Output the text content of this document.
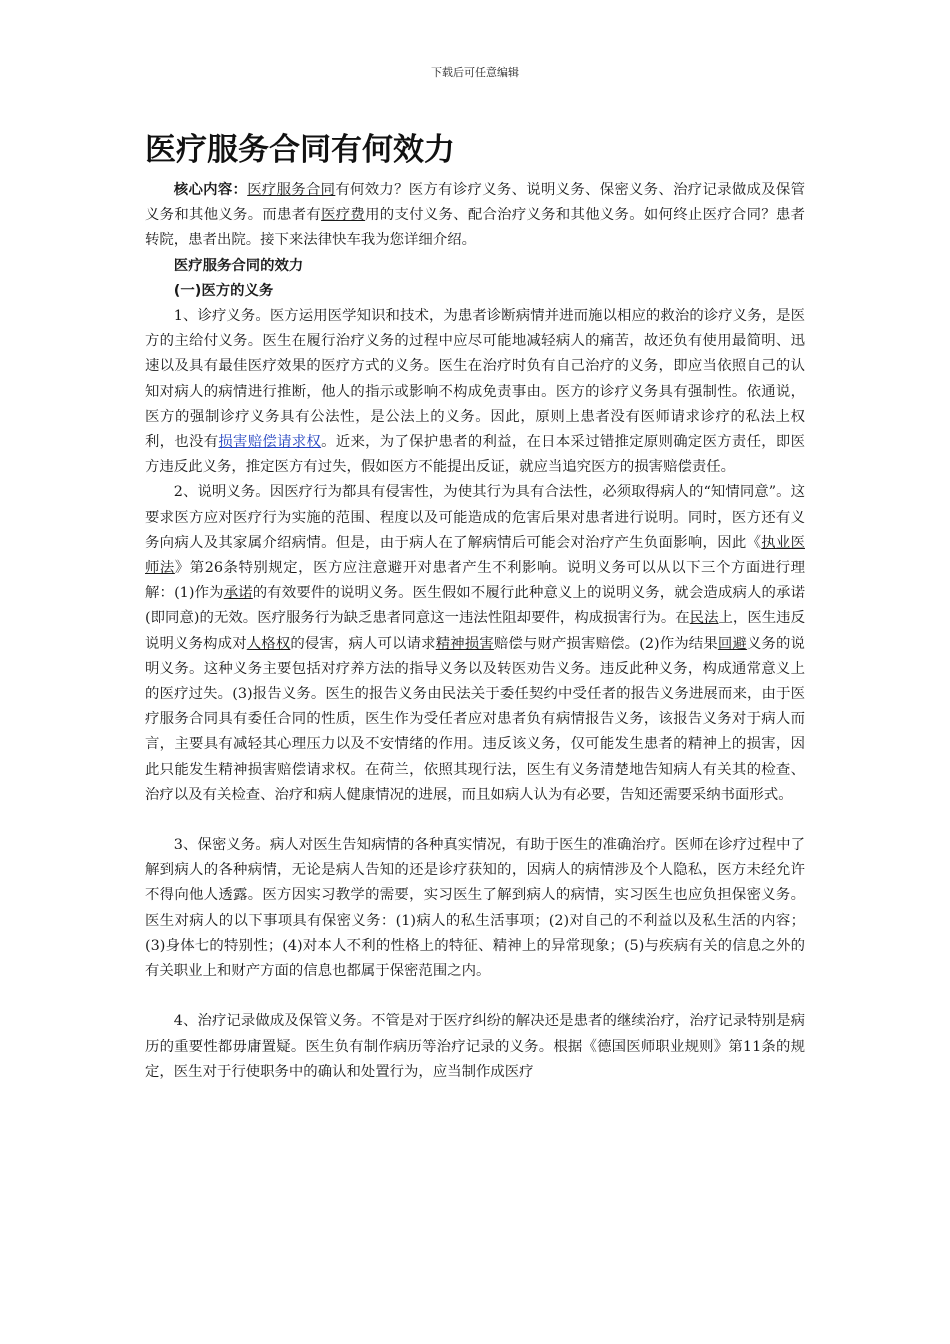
下载后可任意编辑
医疗服务合同有何效力

核心内容：医疗服务合同有何效力？医方有诊疗义务、说明义务、保密义务、治疗记录做成及保管义务和其他义务。而患者有医疗费用的支付义务、配合治疗义务和其他义务。如何终止医疗合同？患者转院，患者出院。接下来法律快车我为您详细介绍。

医疗服务合同的效力
(一)医方的义务

1、诊疗义务。医方运用医学知识和技术，为患者诊断病情并进而施以相应的救治的诊疗义务，是医方的主给付义务。医生在履行治疗义务的过程中应尽可能地减轻病人的痛苦，故还负有使用最简明、迅速以及具有最佳医疗效果的医疗方式的义务。医生在治疗时负有自己治疗的义务，即应当依照自己的认知对病人的病情进行推断，他人的指示或影响不构成免责事由。医方的诊疗义务具有强制性。依通说，医方的强制诊疗义务具有公法性，是公法上的义务。因此，原则上患者没有医师请求诊疗的私法上权利，也没有损害赔偿请求权。近来，为了保护患者的利益，在日本采过错推定原则确定医方责任，即医方违反此义务，推定医方有过失，假如医方不能提出反证，就应当追究医方的损害赔偿责任。

2、说明义务。因医疗行为都具有侵害性，为使其行为具有合法性，必须取得病人的“知情同意”。这要求医方应对医疗行为实施的范围、程度以及可能造成的危害后果对患者进行说明。同时，医方还有义务向病人及其家属介绍病情。但是，由于病人在了解病情后可能会对治疗产生负面影响，因此《执业医师法》第26条特别规定，医方应注意避开对患者产生不利影响。说明义务可以从以下三个方面进行理解：(1)作为承诺的有效要件的说明义务。医生假如不履行此种意义上的说明义务，就会造成病人的承诺(即同意)的无效。医疗服务行为缺乏患者同意这一违法性阻却要件，构成损害行为。在民法上，医生违反说明义务构成对人格权的侵害，病人可以请求精神损害赔偿与财产损害赔偿。(2)作为结果回避义务的说明义务。这种义务主要包括对疗养方法的指导义务以及转医劝告义务。违反此种义务，构成通常意义上的医疗过失。(3)报告义务。医生的报告义务由民法关于委任契约中受任者的报告义务进展而来，由于医疗服务合同具有委任合同的性质，医生作为受任者应对患者负有病情报告义务，该报告义务对于病人而言，主要具有减轻其心理压力以及不安情绪的作用。违反该义务，仅可能发生患者的精神上的损害，因此只能发生精神损害赔偿请求权。在荷兰，依照其现行法，医生有义务清楚地告知病人有关其的检查、治疗以及有关检查、治疗和病人健康情况的进展，而且如病人认为有必要，告知还需要采纳书面形式。

3、保密义务。病人对医生告知病情的各种真实情况，有助于医生的准确治疗。医师在诊疗过程中了解到病人的各种病情，无论是病人告知的还是诊疗获知的，因病人的病情涉及个人隐私，医方未经允许不得向他人透露。医方因实习教学的需要，实习医生了解到病人的病情，实习医生也应负担保密义务。医生对病人的以下事项具有保密义务：(1)病人的私生活事项；(2)对自己的不利益以及私生活的内容；(3)身体七的特别性；(4)对本人不利的性格上的特征、精神上的异常现象；(5)与疾病有关的信息之外的有关职业上和财产方面的信息也都属于保密范围之内。

4、治疗记录做成及保管义务。不管是对于医疗纠纷的解决还是患者的继续治疗，治疗记录特别是病历的重要性都毋庸置疑。医生负有制作病历等治疗记录的义务。根据《德国医师职业规则》第11条的规定，医生对于行使职务中的确认和处置行为，应当制作成医疗
